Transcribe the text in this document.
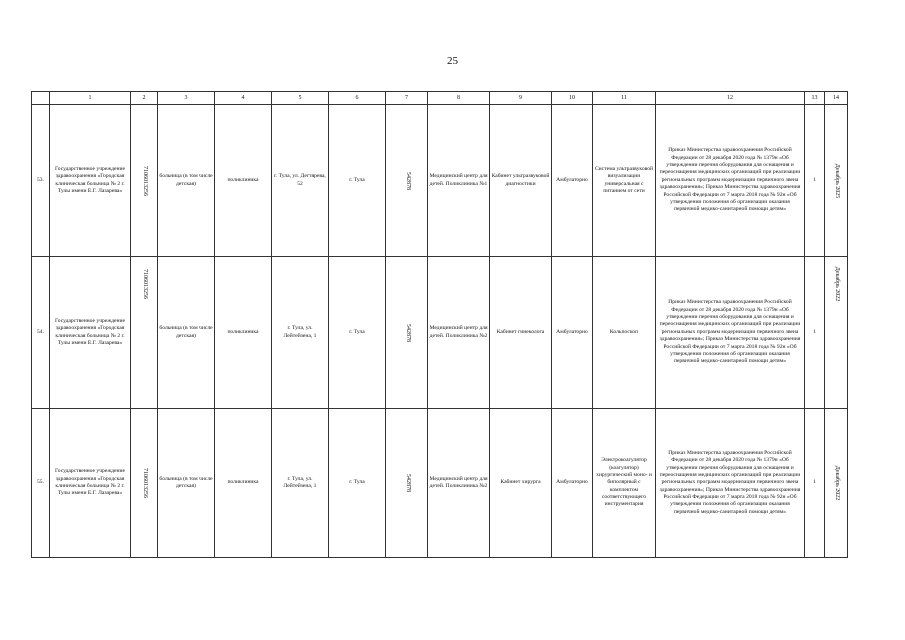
25
	1	2	3	4	5	6	7	8	9	10	11	12	13	14
53.	Государственное учреждение здравоохранения «Городская клиническая больница № 2 г. Тулы имени Е.Г. Лазарева»	7106013256	больница (в том числе детская)	поликлиника	г. Тула, ул. Дегтярева, 52	г. Тула	542878	Медицинский центр для детей. Поликлиника №1	Кабинет ультразвуковой диагностики	Амбулаторно	Система ультразвуковой визуализации универсальная с питанием от сети	Приказ Министерства здравоохранения Российской Федерации от 28 декабря 2020 года № 1379н «Об утверждении перечня оборудования для оснащения и переоснащения медицинских организаций при реализации региональных программ модернизации первичного звена здравоохранения»; Приказ Министерства здравоохранения Российской Федерации от 7 марта 2018 года № 92н «Об утверждении положения об организации оказания первичной медико-санитарной помощи детям»	1	Декабрь 2025

54.	Государственное учреждение здравоохранения «Городская клиническая больница № 2 г. Тулы имени Е.Г. Лазарева»	7106013256	больница (в том числе детская)	поликлиника	г. Тула, ул. Лейтейзена, 1	г. Тула	542878	Медицинский центр для детей. Поликлиника №2	Кабинет гинеколога	Амбулаторно	Кольпоскоп	Приказ Министерства здравоохранения Российской Федерации от 28 декабря 2020 года № 1379н «Об утверждении перечня оборудования для оснащения и переоснащения медицинских организаций при реализации региональных программ модернизации первичного звена здравоохранения»; Приказ Министерства здравоохранения Российской Федерации от 7 марта 2018 года № 92н «Об утверждении положения об организации оказания первичной медико-санитарной помощи детям»	1	Декабрь 2022

55.	Государственное учреждение здравоохранения «Городская клиническая больница № 2 г. Тулы имени Е.Г. Лазарева»	7106013256	больница (в том числе детская)	поликлиника	г. Тула, ул. Лейтейзена, 1	г. Тула	542878	Медицинский центр для детей. Поликлиника №2	Кабинет хирурга	Амбулаторно	Электрокоагулятор (коагулятор) хирургический моно- и биполярный с комплектом соответствующего инструментария	Приказ Министерства здравоохранения Российской Федерации от 28 декабря 2020 года № 1379н «Об утверждении перечня оборудования для оснащения и переоснащения медицинских организаций при реализации региональных программ модернизации первичного звена здравоохранения»; Приказ Министерства здравоохранения Российской Федерации от 7 марта 2018 года № 92н «Об утверждении положения об организации оказания первичной медико-санитарной помощи детям»	1	Декабрь 2022
